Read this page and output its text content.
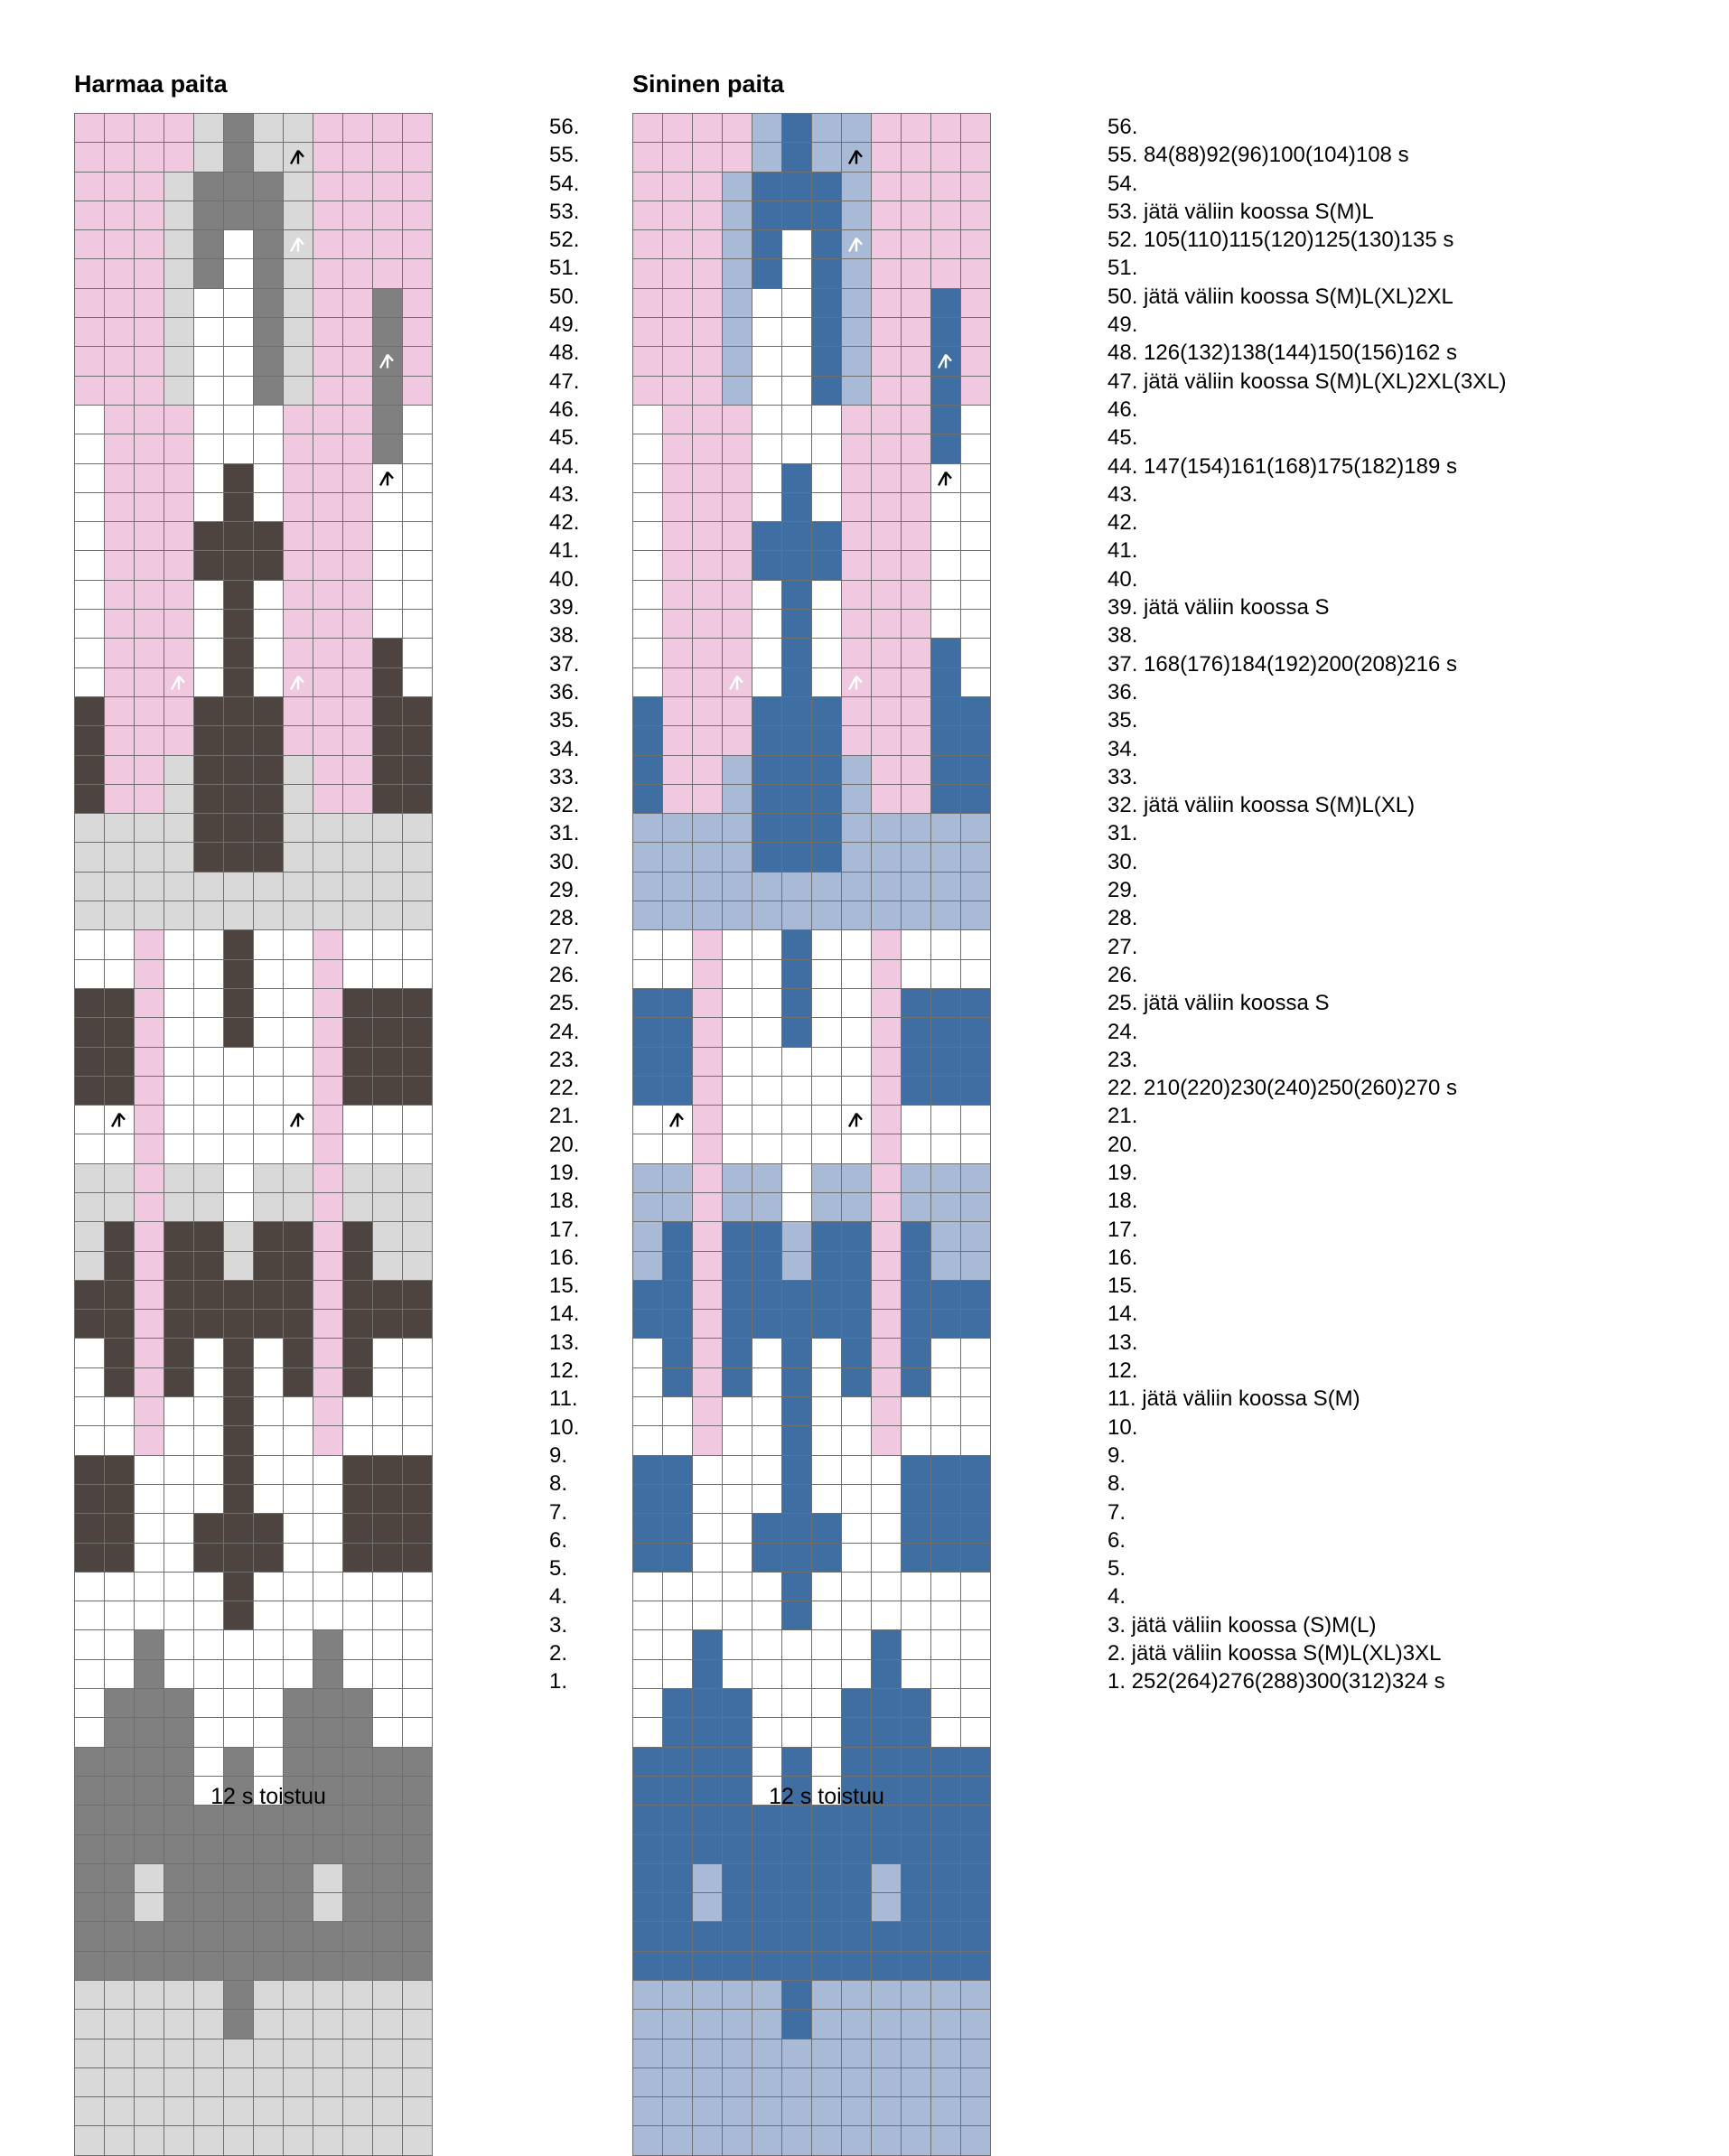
Harmaa paita	Sininen paita

56.
55.
54.
53.
52.
51.
50.
49.
48.
47.
46.
45.
44.
43.
42.
41.
40.
39.
38.
37.
36.
35.
34.
33.
32.
31.
30.
29.
28.
27.
26.
25.
24.
23.
22.
21.
20.
19.
18.
17.
16.
15.
14.
13.
12.
11.
10.
9.
8.
7.
6.
5.
4.
3.
2.
1.
56.
55. 84(88)92(96)100(104)108 s
54.
53. jätä väliin koossa S(M)L
52. 105(110)115(120)125(130)135 s
51.
50. jätä väliin koossa S(M)L(XL)2XL
49.
48. 126(132)138(144)150(156)162 s
47. jätä väliin koossa S(M)L(XL)2XL(3XL)
46.
45.
44. 147(154)161(168)175(182)189 s
43.
42.
41.
40.
39. jätä väliin koossa S
38.
37. 168(176)184(192)200(208)216 s
36.
35.
34.
33.
32. jätä väliin koossa S(M)L(XL)
31.
30.
29.
28.
27.
26.
25. jätä väliin koossa S
24.
23.
22. 210(220)230(240)250(260)270 s
21.
20.
19.
18.
17.
16.
15.
14.
13.
12.
11. jätä väliin koossa S(M)
10.
9.
8.
7.
6.
5.
4.
3. jätä väliin koossa (S)M(L)
2. jätä väliin koossa S(M)L(XL)3XL
1. 252(264)276(288)300(312)324 s
12 s toistuu	12 s toistuu
